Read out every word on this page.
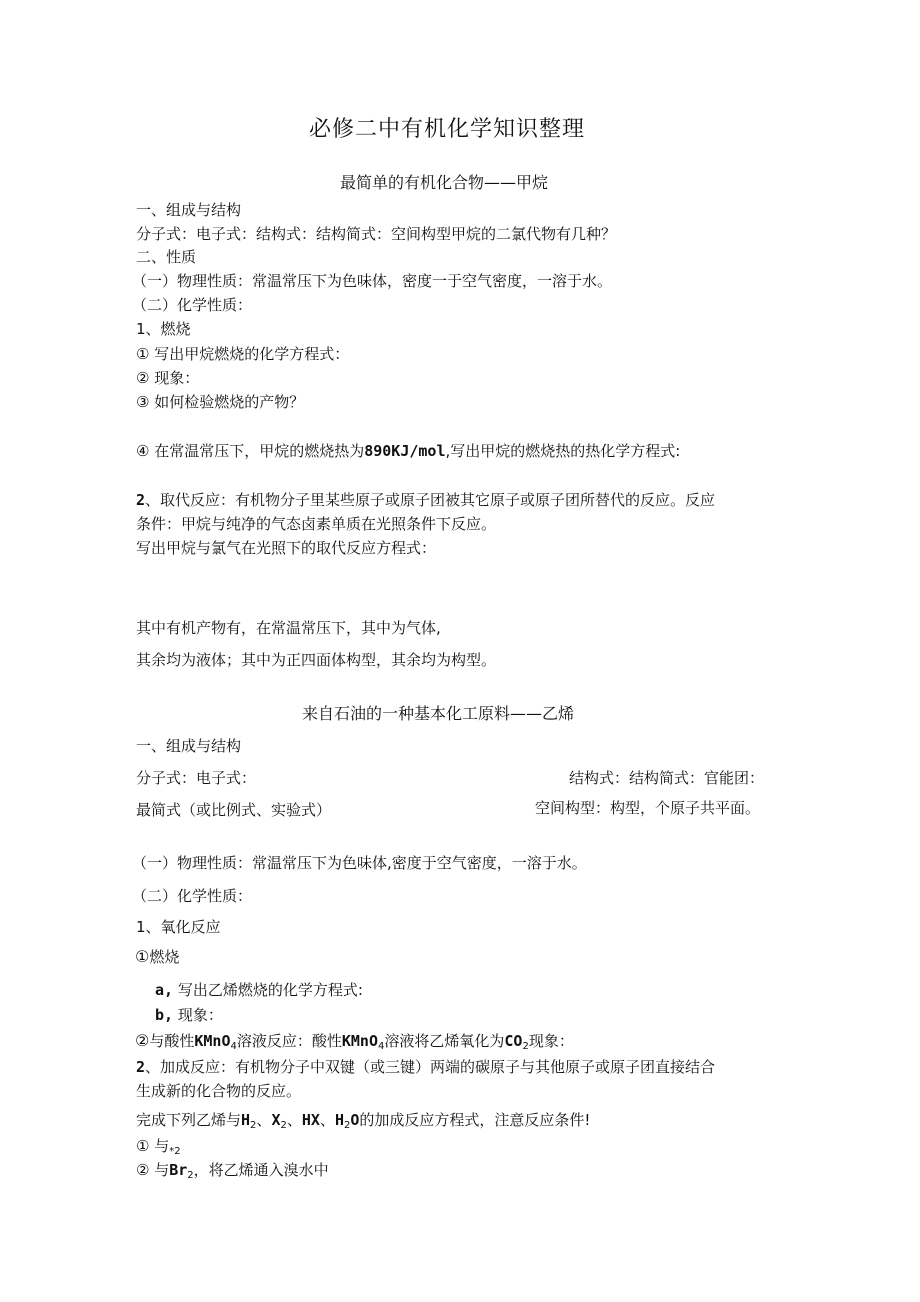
必修二中有机化学知识整理
最简单的有机化合物——甲烷
一、组成与结构
分子式：电子式：结构式：结构简式：空间构型甲烷的二氯代物有几种？
二、性质
（一）物理性质：常温常压下为色味体，密度一于空气密度，一溶于水。
（二）化学性质：
1、燃烧
① 写出甲烷燃烧的化学方程式：
② 现象：
③ 如何检验燃烧的产物？
④ 在常温常压下，甲烷的燃烧热为890KJ/mol,写出甲烷的燃烧热的热化学方程式:
2、取代反应：有机物分子里某些原子或原子团被其它原子或原子团所替代的反应。反应
条件：甲烷与纯净的气态卤素单质在光照条件下反应。
写出甲烷与氯气在光照下的取代反应方程式：
其中有机产物有，在常温常压下，其中为气体,
其余均为液体；其中为正四面体构型，其余均为构型。
来自石油的一种基本化工原料——乙烯
一、组成与结构
分子式：电子式：	结构式：结构简式：官能团：
最简式（或比例式、实验式）	空间构型：构型，个原子共平面。
（一）物理性质：常温常压下为色味体,密度于空气密度，一溶于水。
（二）化学性质：
1、氧化反应
①燃烧
a, 写出乙烯燃烧的化学方程式:
b, 现象：
②与酸性KMnO$_4$溶液反应：酸性KMnO$_4$溶液将乙烯氧化为$CO_2$现象：
2、加成反应：有机物分子中双键（或三键）两端的碳原子与其他原子或原子团直接结合
生成新的化合物的反应。
完成下列乙烯与$H_2$、$X_2$、HX、$H_2O$的加成反应方程式，注意反应条件!
① 与$_{*2}$
② 与$Br_2$，将乙烯通入溴水中
